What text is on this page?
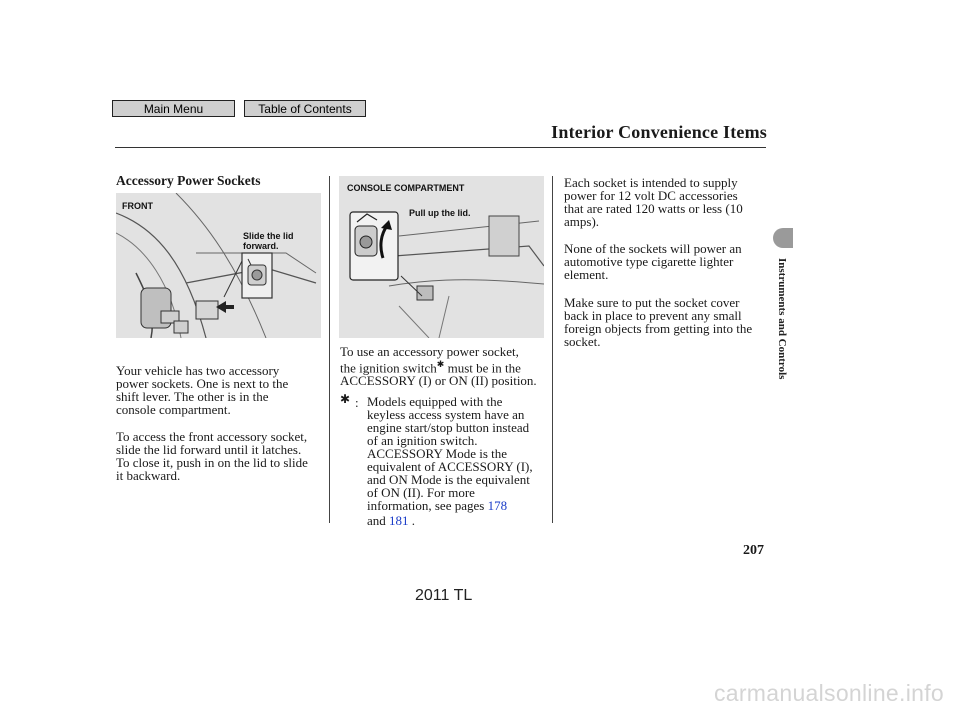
Main Menu	Table of Contents
Interior Convenience Items
Accessory Power Sockets
FRONT
Slide the lid
forward.
CONSOLE COMPARTMENT
Pull up the lid.
Your vehicle has two accessory
power sockets. One is next to the
shift lever. The other is in the
console compartment.
To access the front accessory socket,
slide the lid forward until it latches.
To close it, push in on the lid to slide
it backward.
To use an accessory power socket,
the ignition switch✱ must be in the
ACCESSORY (I) or ON (II) position.
✱ : Models equipped with the
keyless access system have an
engine start/stop button instead
of an ignition switch.
ACCESSORY Mode is the
equivalent of ACCESSORY (I),
and ON Mode is the equivalent
of ON (II). For more
information, see pages 178
and 181 .
Each socket is intended to supply
power for 12 volt DC accessories
that are rated 120 watts or less (10
amps).
None of the sockets will power an
automotive type cigarette lighter
element.
Make sure to put the socket cover
back in place to prevent any small
foreign objects from getting into the
socket.	Instruments and Controls
207
2011 TL
carmanualsonline.info
